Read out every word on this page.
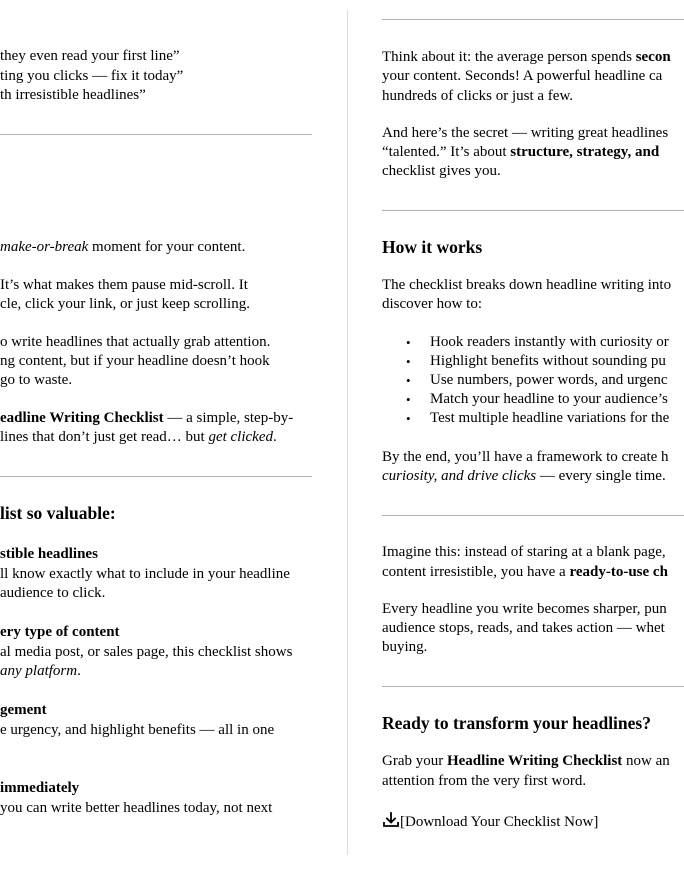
they even read your first line”

ting you clicks — fix it today”

th irresistible headlines”

make-or-break moment for your content.

It’s what makes them pause mid-scroll. It

cle, click your link, or just keep scrolling.

o write headlines that actually grab attention.

ng content, but if your headline doesn’t hook

go to waste.

eadline Writing Checklist — a simple, step-by-

lines that don’t just get read… but get clicked.

list so valuable:

stible headlines

ll know exactly what to include in your headline

audience to click.

ery type of content

al media post, or sales page, this checklist shows

any platform.

gement

e urgency, and highlight benefits — all in one

immediately

you can write better headlines today, not next

Think about it: the average person spends secon

your content. Seconds! A powerful headline ca

hundreds of clicks or just a few.

And here’s the secret — writing great headlines

“talented.” It’s about structure, strategy, and

checklist gives you.

How it works

The checklist breaks down headline writing into

discover how to:

• Hook readers instantly with curiosity or
• Highlight benefits without sounding pu
• Use numbers, power words, and urgenc
• Match your headline to your audience’s
• Test multiple headline variations for the

By the end, you’ll have a framework to create h

curiosity, and drive clicks — every single time.

Imagine this: instead of staring at a blank page,

content irresistible, you have a ready-to-use ch

Every headline you write becomes sharper, pun

audience stops, reads, and takes action — whet

buying.

Ready to transform your headlines?

Grab your Headline Writing Checklist now an

attention from the very first word.

[Download Your Checklist Now]
